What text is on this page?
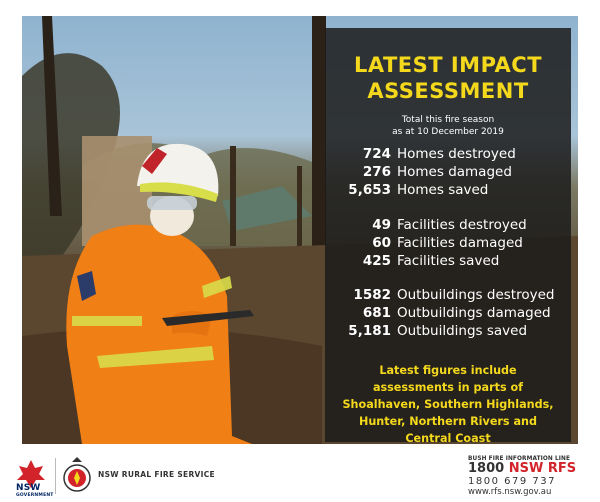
LATEST IMPACT
ASSESSMENT
Total this fire season
as at 10 December 2019
724 Homes destroyed
276 Homes damaged
5,653 Homes saved
49 Facilities destroyed
60 Facilities damaged
425 Facilities saved
1582 Outbuildings destroyed
681 Outbuildings damaged
5,181 Outbuildings saved
Latest figures include
assessments in parts of
Shoalhaven, Southern Highlands,
Hunter, Northern Rivers and
Central Coast
NSW
GOVERNMENT
NSW RURAL FIRE SERVICE
BUSH FIRE INFORMATION LINE
1800 NSW RFS
1800 679 737
www.rfs.nsw.gov.au
